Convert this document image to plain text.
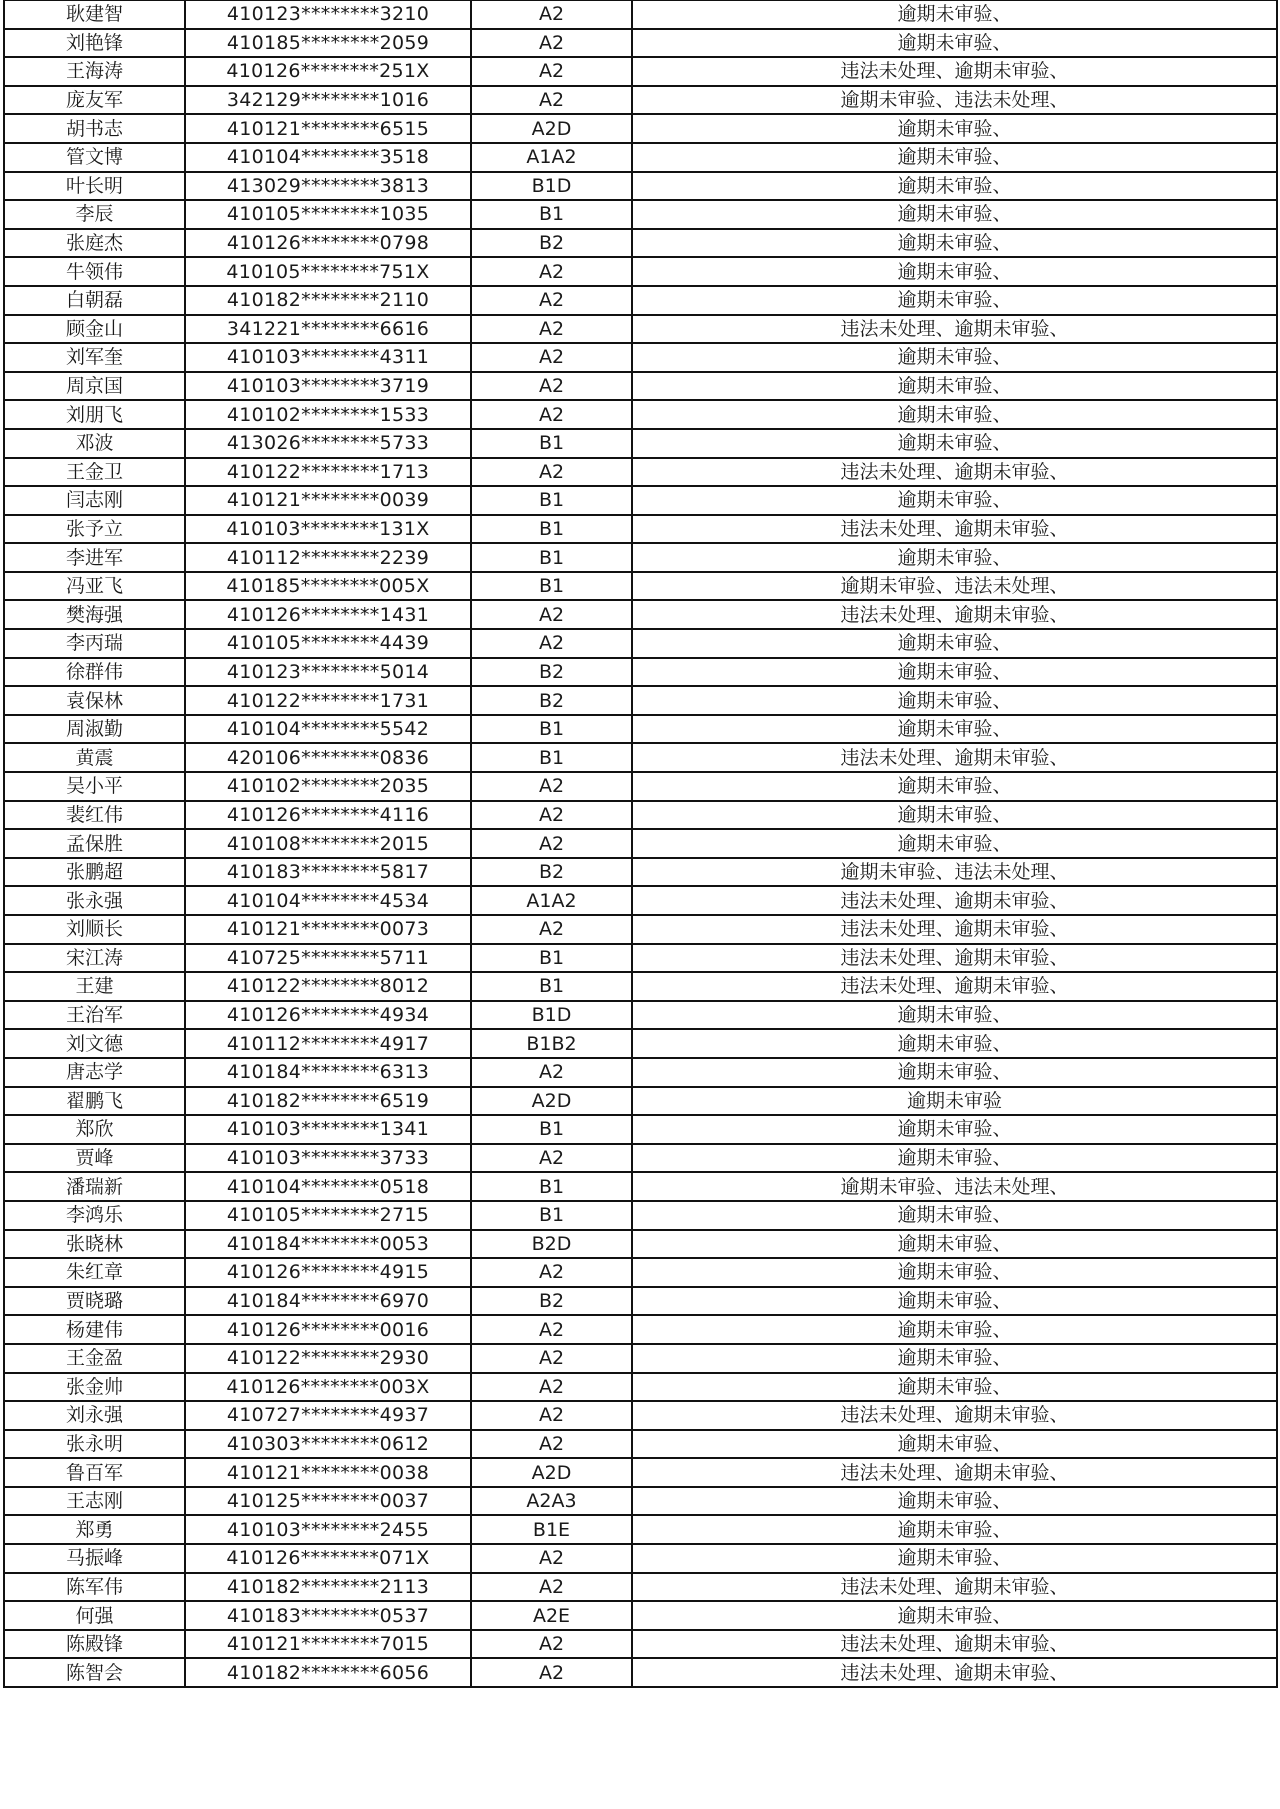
耿建智	410123********3210	A2	逾期未审验、
刘艳锋	410185********2059	A2	逾期未审验、
王海涛	410126********251X	A2	违法未处理、逾期未审验、
庞友军	342129********1016	A2	逾期未审验、违法未处理、
胡书志	410121********6515	A2D	逾期未审验、
管文博	410104********3518	A1A2	逾期未审验、
叶长明	413029********3813	B1D	逾期未审验、
李辰	410105********1035	B1	逾期未审验、
张庭杰	410126********0798	B2	逾期未审验、
牛领伟	410105********751X	A2	逾期未审验、
白朝磊	410182********2110	A2	逾期未审验、
顾金山	341221********6616	A2	违法未处理、逾期未审验、
刘军奎	410103********4311	A2	逾期未审验、
周京国	410103********3719	A2	逾期未审验、
刘朋飞	410102********1533	A2	逾期未审验、
邓波	413026********5733	B1	逾期未审验、
王金卫	410122********1713	A2	违法未处理、逾期未审验、
闫志刚	410121********0039	B1	逾期未审验、
张予立	410103********131X	B1	违法未处理、逾期未审验、
李进军	410112********2239	B1	逾期未审验、
冯亚飞	410185********005X	B1	逾期未审验、违法未处理、
樊海强	410126********1431	A2	违法未处理、逾期未审验、
李丙瑞	410105********4439	A2	逾期未审验、
徐群伟	410123********5014	B2	逾期未审验、
袁保林	410122********1731	B2	逾期未审验、
周淑勤	410104********5542	B1	逾期未审验、
黄震	420106********0836	B1	违法未处理、逾期未审验、
吴小平	410102********2035	A2	逾期未审验、
裴红伟	410126********4116	A2	逾期未审验、
孟保胜	410108********2015	A2	逾期未审验、
张鹏超	410183********5817	B2	逾期未审验、违法未处理、
张永强	410104********4534	A1A2	违法未处理、逾期未审验、
刘顺长	410121********0073	A2	违法未处理、逾期未审验、
宋江涛	410725********5711	B1	违法未处理、逾期未审验、
王建	410122********8012	B1	违法未处理、逾期未审验、
王治军	410126********4934	B1D	逾期未审验、
刘文德	410112********4917	B1B2	逾期未审验、
唐志学	410184********6313	A2	逾期未审验、
翟鹏飞	410182********6519	A2D	逾期未审验
郑欣	410103********1341	B1	逾期未审验、
贾峰	410103********3733	A2	逾期未审验、
潘瑞新	410104********0518	B1	逾期未审验、违法未处理、
李鸿乐	410105********2715	B1	逾期未审验、
张晓林	410184********0053	B2D	逾期未审验、
朱红章	410126********4915	A2	逾期未审验、
贾晓璐	410184********6970	B2	逾期未审验、
杨建伟	410126********0016	A2	逾期未审验、
王金盈	410122********2930	A2	逾期未审验、
张金帅	410126********003X	A2	逾期未审验、
刘永强	410727********4937	A2	违法未处理、逾期未审验、
张永明	410303********0612	A2	逾期未审验、
鲁百军	410121********0038	A2D	违法未处理、逾期未审验、
王志刚	410125********0037	A2A3	逾期未审验、
郑勇	410103********2455	B1E	逾期未审验、
马振峰	410126********071X	A2	逾期未审验、
陈军伟	410182********2113	A2	违法未处理、逾期未审验、
何强	410183********0537	A2E	逾期未审验、
陈殿锋	410121********7015	A2	违法未处理、逾期未审验、
陈智会	410182********6056	A2	违法未处理、逾期未审验、
